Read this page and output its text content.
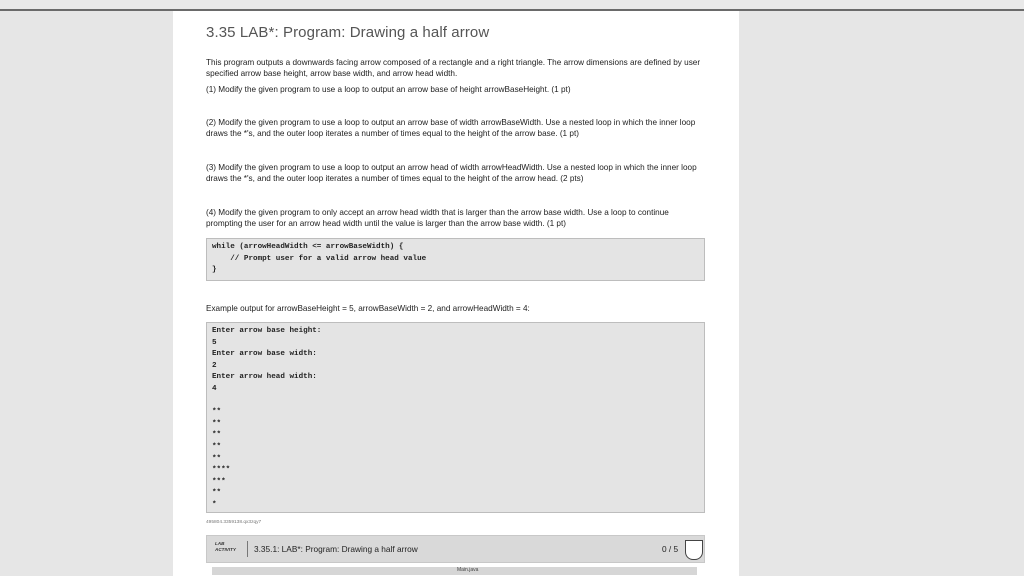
3.35 LAB*: Program: Drawing a half arrow
This program outputs a downwards facing arrow composed of a rectangle and a right triangle. The arrow dimensions are defined by user specified arrow base height, arrow base width, and arrow head width.
(1) Modify the given program to use a loop to output an arrow base of height arrowBaseHeight. (1 pt)
(2) Modify the given program to use a loop to output an arrow base of width arrowBaseWidth. Use a nested loop in which the inner loop draws the *'s, and the outer loop iterates a number of times equal to the height of the arrow base. (1 pt)
(3) Modify the given program to use a loop to output an arrow head of width arrowHeadWidth. Use a nested loop in which the inner loop draws the *'s, and the outer loop iterates a number of times equal to the height of the arrow head. (2 pts)
(4) Modify the given program to only accept an arrow head width that is larger than the arrow base width. Use a loop to continue prompting the user for an arrow head width until the value is larger than the arrow base width. (1 pt)
while (arrowHeadWidth <= arrowBaseWidth) {
// Prompt user for a valid arrow head value
}
Example output for arrowBaseHeight = 5, arrowBaseWidth = 2, and arrowHeadWidth = 4:
Enter arrow base height:
5
Enter arrow base width:
2
Enter arrow head width:
4

**
**
**
**
**
****
***
**
*
495804.3359138.qx3zqy7
LAB
ACTIVITY	3.35.1: LAB*: Program: Drawing a half arrow	0 / 5
Main.java
